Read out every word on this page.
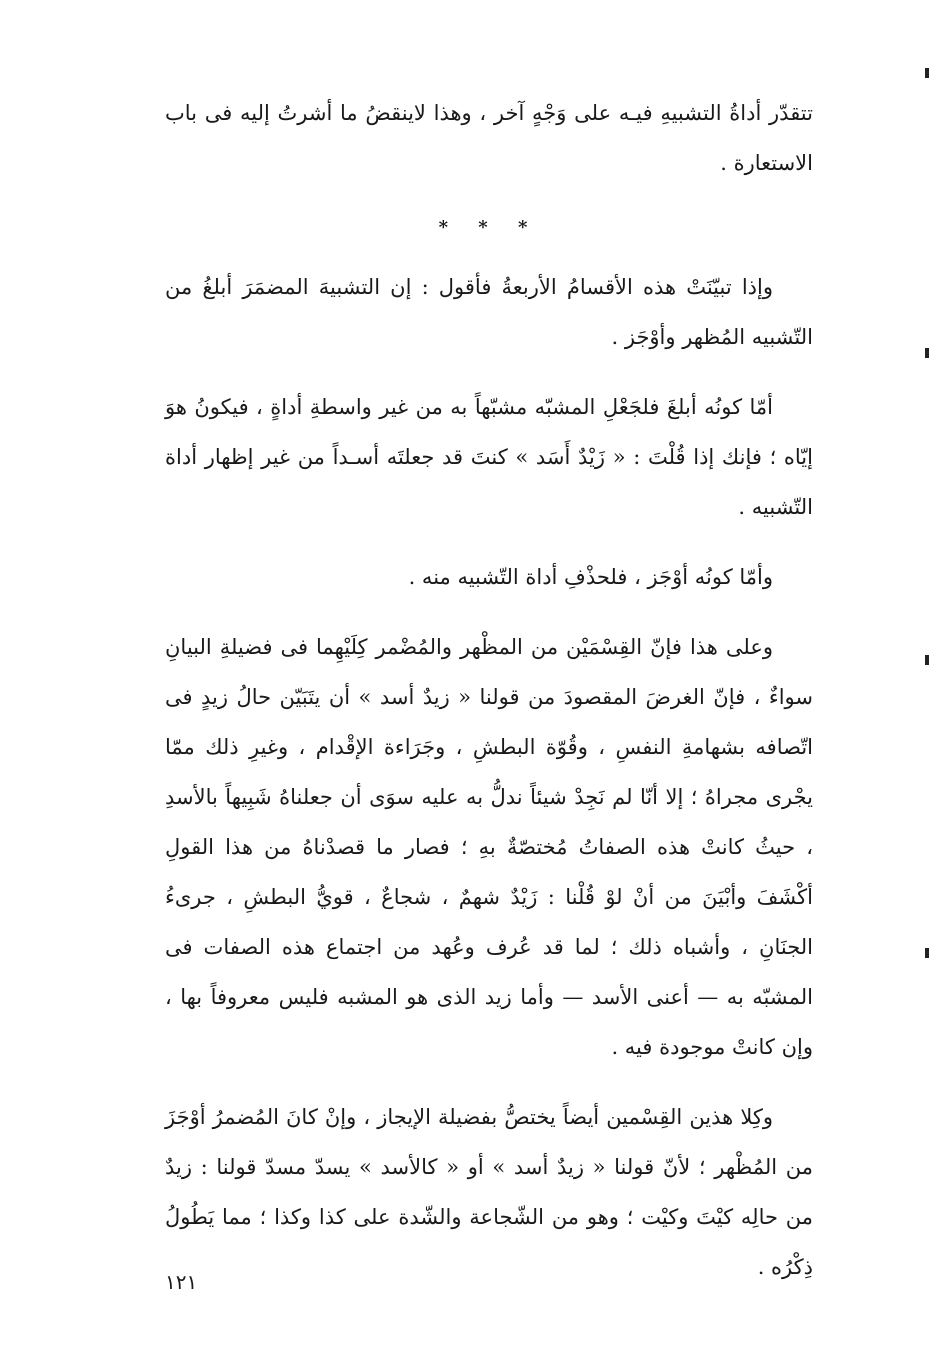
تتقدّر أداةُ التشبيهِ فيـه على وَجْهٍ آخر ، وهذا لاينقضُ ما أشرتُ إليه فى باب الاستعارة .

* * *

وإذا تبيّنَتْ هذه الأقسامُ الأربعةُ فأقول : إن التشبيهَ المضمَرَ أبلغُ من التّشبيه المُظهر وأوْجَز .

أمّا كونُه أبلغَ فلجَعْلِ المشبّه مشبّهاً به من غير واسطةِ أداةٍ ، فيكونُ هوَ إيّاه ؛ فإنك إذا قُلْتَ : « زَيْدٌ أَسَد » كنتَ قد جعلتَه أسـداً من غير إظهار أداة التّشبيه .

وأمّا كونُه أوْجَز ، فلحذْفِ أداة التّشبيه منه .

وعلى هذا فإنّ القِسْمَيْن من المظْهر والمُضْمر كِلَيْهِما فى فضيلةِ البيانِ سواءٌ ، فإنّ الغرضَ المقصودَ من قولنا « زيدٌ أسد » أن يتَبَيّن حالُ زيدٍ فى اتّصافه بشهامةِ النفسِ ، وقُوّة البطشِ ، وجَرَاءة الإقْدام ، وغيرِ ذلك ممّا يجْرى مجراهُ ؛ إلا أنّا لم نَجِدْ شيئاً ندلُّ به عليه سوَى أن جعلناهُ شَبِيهاً بالأسدِ ، حيثُ كانتْ هذه الصفاتُ مُختصّةٌ بهِ ؛ فصار ما قصدْناهُ من هذا القولِ أكْشَفَ وأبْيَنَ من أنْ لوْ قُلْنا : زَيْدٌ شهمٌ ، شجاعٌ ، قويُّ البطشِ ، جرىءُ الجنَانِ ، وأشباه ذلك ؛ لما قد عُرف وعُهد من اجتماع هذه الصفات فى المشبّه به — أعنى الأسد — وأما زيد الذى هو المشبه فليس معروفاً بها ، وإن كانتْ موجودة فيه .

وكِلا هذين القِسْمين أيضاً يختصُّ بفضيلة الإيجاز ، وإنْ كانَ المُضمرُ أوْجَزَ من المُظْهر ؛ لأنّ قولنا « زيدٌ أسد » أو « كالأسد » يسدّ مسدّ قولنا : زيدٌ من حالِه كيْتَ وكيْت ؛ وهو من الشّجاعة والشّدة على كذا وكذا ؛ مما يَطُولُ ذِكْرُه .

١٢١
